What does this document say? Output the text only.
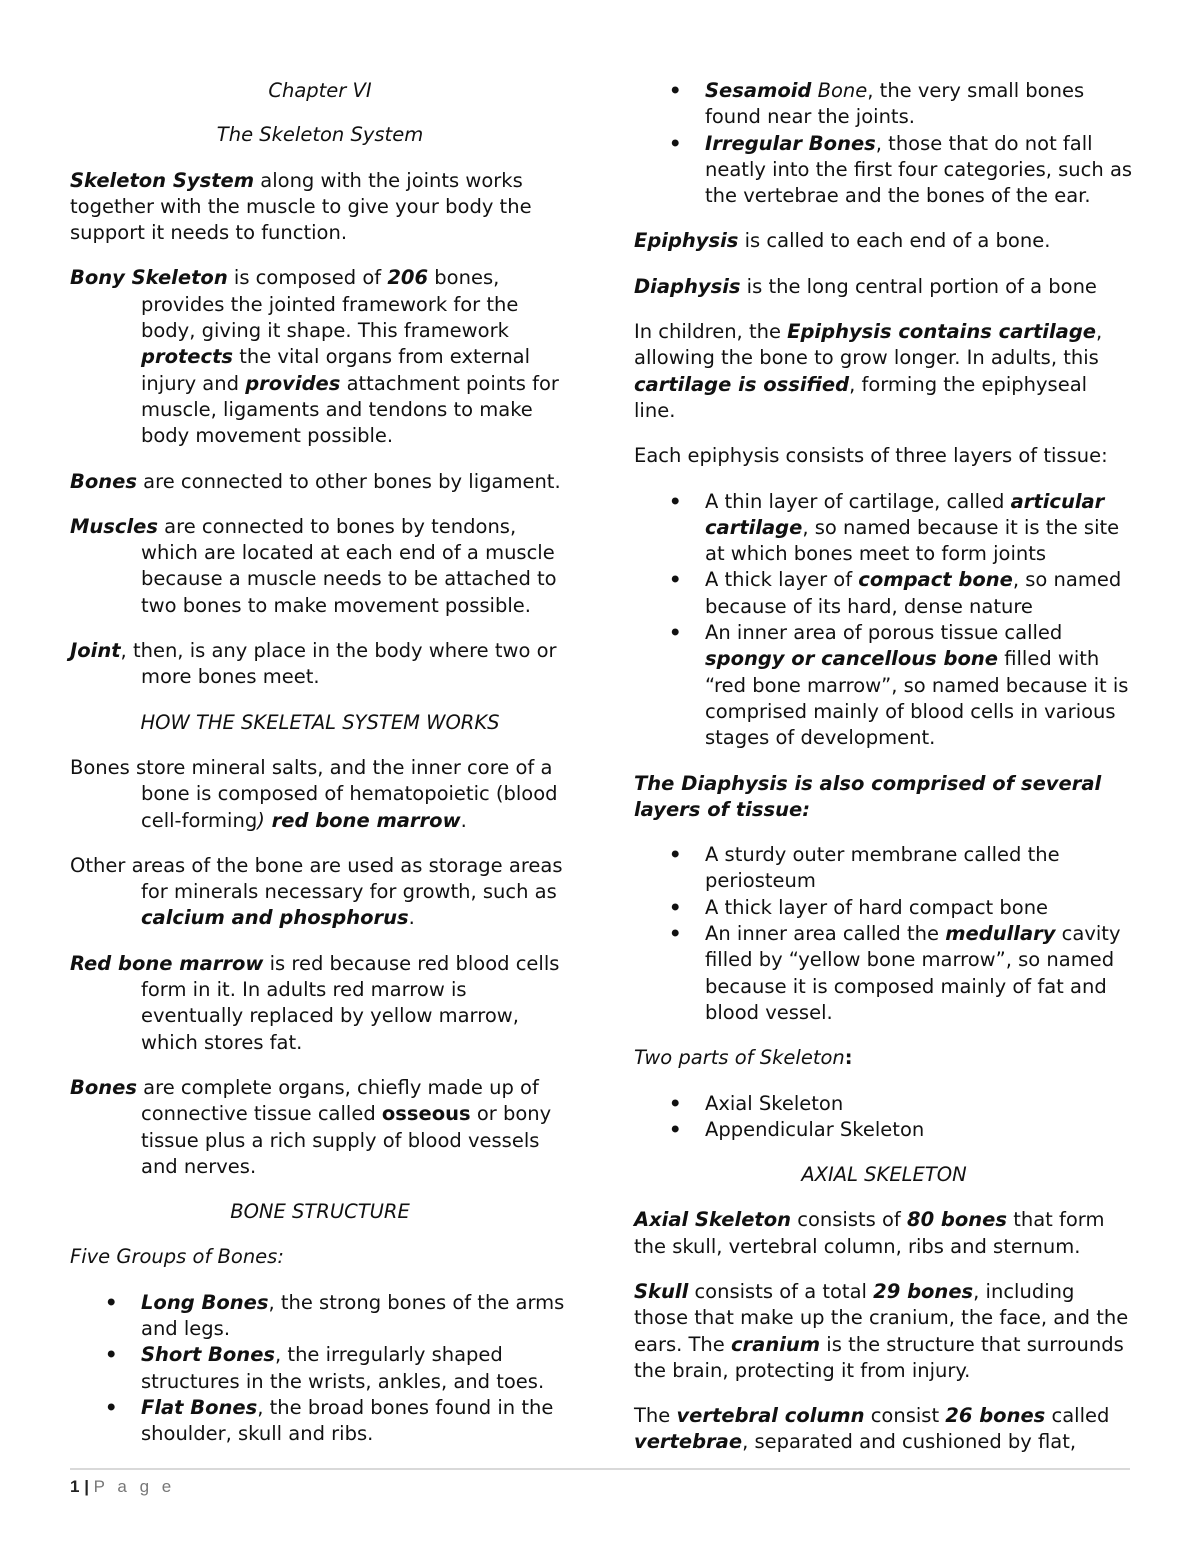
Chapter VI

The Skeleton System

Skeleton System along with the joints works together with the muscle to give your body the support it needs to function.

Bony Skeleton is composed of 206 bones, provides the jointed framework for the body, giving it shape. This framework protects the vital organs from external injury and provides attachment points for muscle, ligaments and tendons to make body movement possible.

Bones are connected to other bones by ligament.

Muscles are connected to bones by tendons, which are located at each end of a muscle because a muscle needs to be attached to two bones to make movement possible.

Joint, then, is any place in the body where two or more bones meet.

HOW THE SKELETAL SYSTEM WORKS

Bones store mineral salts, and the inner core of a bone is composed of hematopoietic (blood cell-forming) red bone marrow.

Other areas of the bone are used as storage areas for minerals necessary for growth, such as calcium and phosphorus.

Red bone marrow is red because red blood cells form in it. In adults red marrow is eventually replaced by yellow marrow, which stores fat.

Bones are complete organs, chiefly made up of connective tissue called osseous or bony tissue plus a rich supply of blood vessels and nerves.

BONE STRUCTURE

Five Groups of Bones:

• Long Bones, the strong bones of the arms and legs.
• Short Bones, the irregularly shaped structures in the wrists, ankles, and toes.
• Flat Bones, the broad bones found in the shoulder, skull and ribs.
• Sesamoid Bone, the very small bones found near the joints.
• Irregular Bones, those that do not fall neatly into the first four categories, such as the vertebrae and the bones of the ear.

Epiphysis is called to each end of a bone.

Diaphysis is the long central portion of a bone

In children, the Epiphysis contains cartilage, allowing the bone to grow longer. In adults, this cartilage is ossified, forming the epiphyseal line.

Each epiphysis consists of three layers of tissue:

• A thin layer of cartilage, called articular cartilage, so named because it is the site at which bones meet to form joints
• A thick layer of compact bone, so named because of its hard, dense nature
• An inner area of porous tissue called spongy or cancellous bone filled with “red bone marrow”, so named because it is comprised mainly of blood cells in various stages of development.

The Diaphysis is also comprised of several layers of tissue:

• A sturdy outer membrane called the periosteum
• A thick layer of hard compact bone
• An inner area called the medullary cavity filled by “yellow bone marrow”, so named because it is composed mainly of fat and blood vessel.

Two parts of Skeleton:

• Axial Skeleton
• Appendicular Skeleton

AXIAL SKELETON

Axial Skeleton consists of 80 bones that form the skull, vertebral column, ribs and sternum.

Skull consists of a total 29 bones, including those that make up the cranium, the face, and the ears. The cranium is the structure that surrounds the brain, protecting it from injury.

The vertebral column consist 26 bones called vertebrae, separated and cushioned by flat,

1 | P a g e
